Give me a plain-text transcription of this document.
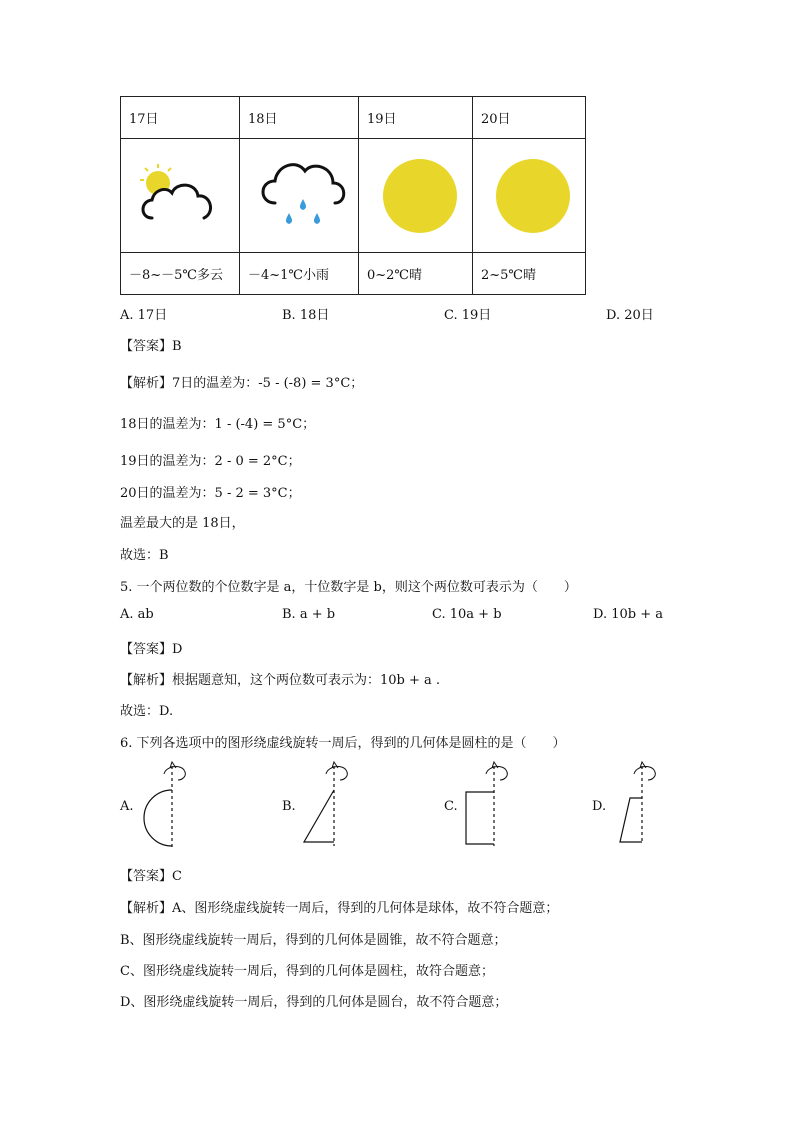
17日	18日	19日	20日

－8~－5℃多云	－4~1℃小雨	0~2℃晴	2~5℃晴
A. 17日	B. 18日	C. 19日	D. 20日
【答案】B
【解析】7日的温差为：-5 - (-8) = 3°C；
18日的温差为：1 - (-4) = 5°C；
19日的温差为：2 - 0 = 2°C；
20日的温差为：5 - 2 = 3°C；
温差最大的是 18日，
故选：B
5. 一个两位数的个位数字是 a，十位数字是 b，则这个两位数可表示为（　　）
A. ab	B. a + b	C. 10a + b	D. 10b + a
【答案】D
【解析】根据题意知，这个两位数可表示为：10b + a .
故选：D.
6. 下列各选项中的图形绕虚线旋转一周后，得到的几何体是圆柱的是（　　）
A.	B.	C.	D.
【答案】C
【解析】A、图形绕虚线旋转一周后，得到的几何体是球体，故不符合题意；
B、图形绕虚线旋转一周后，得到的几何体是圆锥，故不符合题意；
C、图形绕虚线旋转一周后，得到的几何体是圆柱，故符合题意；
D、图形绕虚线旋转一周后，得到的几何体是圆台，故不符合题意；
